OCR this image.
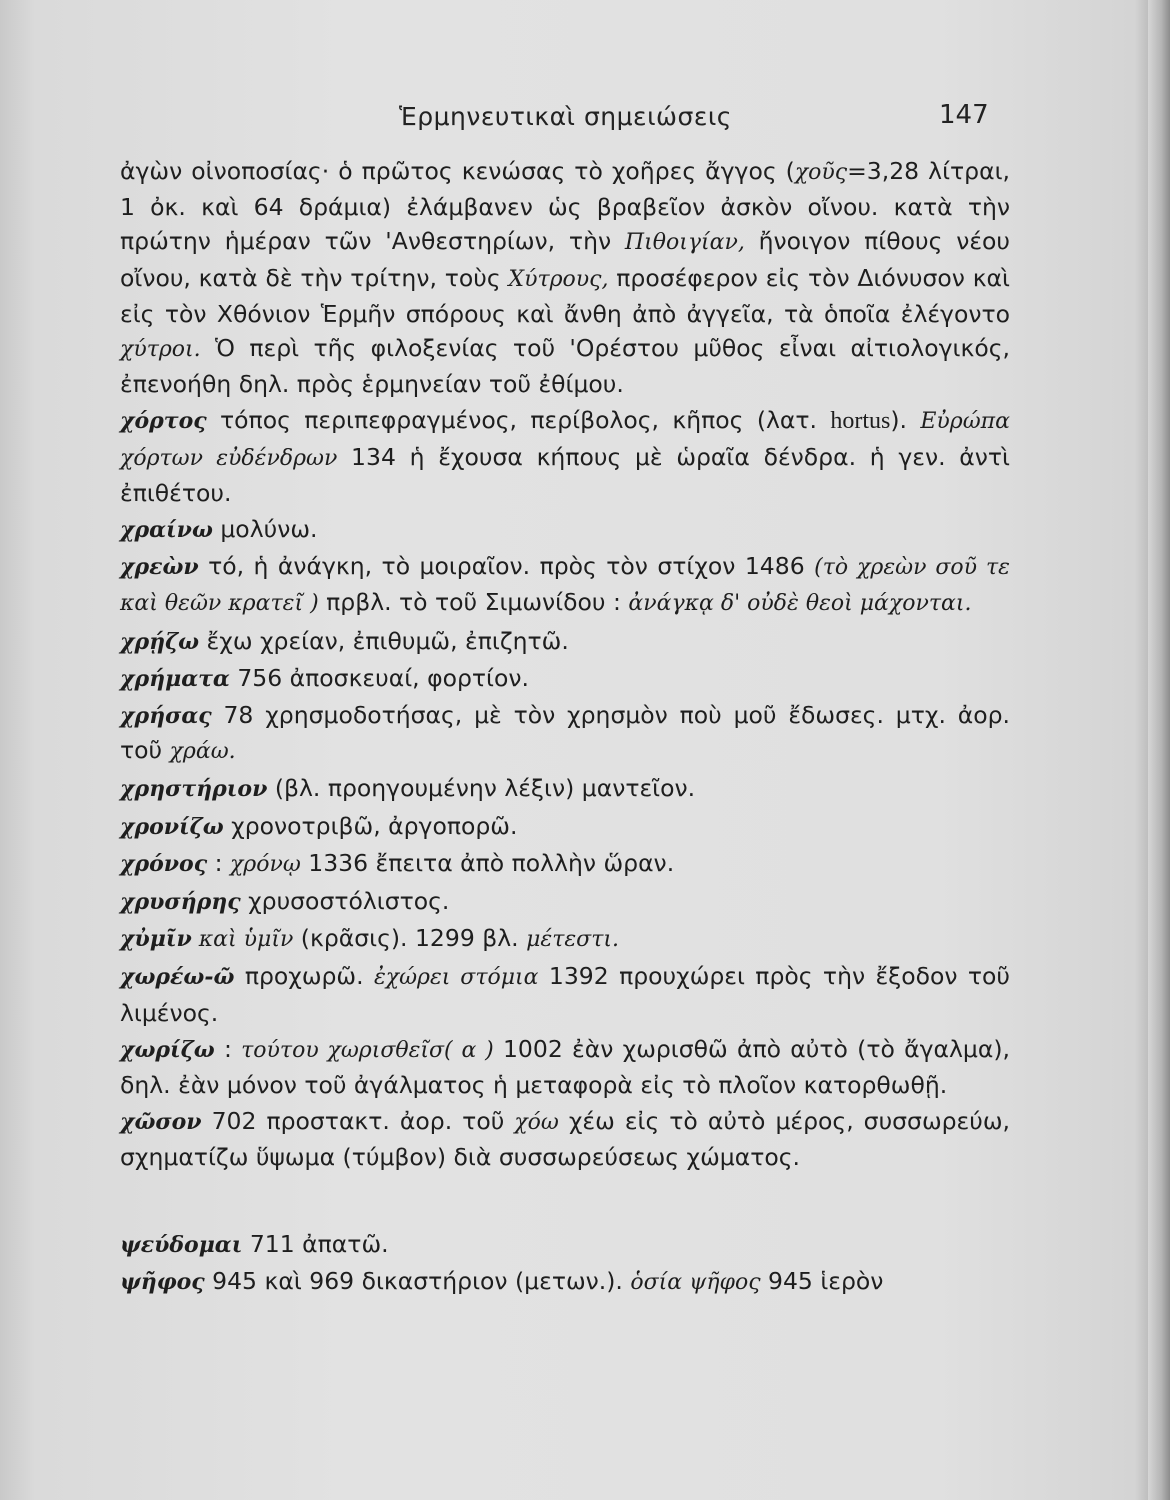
Ἑρμηνευτικαὶ σημειώσεις	147

ἀγὼν οἰνοποσίας· ὁ πρῶτος κενώσας τὸ χοῆρες ἄγγος (χοῦς=3,28 λίτραι, 1 ὀκ. καὶ 64 δράμια) ἐλάμβανεν ὡς βραβεῖον ἀσκὸν οἴνου. κατὰ τὴν πρώτην ἡμέραν τῶν 'Ανθεστηρίων, τὴν Πιθοιγίαν, ἤνοιγον πίθους νέου οἴνου, κατὰ δὲ τὴν τρίτην, τοὺς Χύτρους, προσέφερον εἰς τὸν Διόνυσον καὶ εἰς τὸν Χθόνιον Ἑρμῆν σπόρους καὶ ἄνθη ἀπὸ ἀγγεῖα, τὰ ὁποῖα ἐλέγοντο χύτροι. Ὁ περὶ τῆς φιλοξενίας τοῦ 'Ορέστου μῦθος εἶναι αἰτιολογικός, ἐπενοήθη δηλ. πρὸς ἑρμηνείαν τοῦ ἐθίμου.

χόρτος τόπος περιπεφραγμένος, περίβολος, κῆπος (λατ. hortus). Εὐρώπα χόρτων εὐδένδρων 134 ἡ ἔχουσα κήπους μὲ ὡραῖα δένδρα. ἡ γεν. ἀντὶ ἐπιθέτου.

χραίνω μολύνω.

χρεὼν τό, ἡ ἀνάγκη, τὸ μοιραῖον. πρὸς τὸν στίχον 1486 (τὸ χρεὼν σοῦ τε καὶ θεῶν κρατεῖ ) πρβλ. τὸ τοῦ Σιμωνίδου : ἀνάγκᾳ δ' οὐδὲ θεοὶ μάχονται.

χρῄζω ἔχω χρείαν, ἐπιθυμῶ, ἐπιζητῶ.

χρήματα 756 ἀποσκευαί, φορτίον.

χρήσας 78 χρησμοδοτήσας, μὲ τὸν χρησμὸν ποὺ μοῦ ἔδωσες. μτχ. ἀορ. τοῦ χράω.

χρηστήριον (βλ. προηγουμένην λέξιν) μαντεῖον.

χρονίζω χρονοτριβῶ, ἀργοπορῶ.

χρόνος : χρόνῳ 1336 ἔπειτα ἀπὸ πολλὴν ὥραν.

χρυσήρης χρυσοστόλιστος.

χὐμῖν καὶ ὑμῖν (κρᾶσις). 1299 βλ. μέτεστι.

χωρέω-ῶ προχωρῶ. ἐχώρει στόμια 1392 προυχώρει πρὸς τὴν ἔξοδον τοῦ λιμένος.

χωρίζω : τούτου χωρισθεῖσ( α ) 1002 ἐὰν χωρισθῶ ἀπὸ αὐτὸ (τὸ ἄγαλμα), δηλ. ἐὰν μόνον τοῦ ἀγάλματος ἡ μεταφορὰ εἰς τὸ πλοῖον κατορθωθῇ.

χῶσον 702 προστακτ. ἀορ. τοῦ χόω χέω εἰς τὸ αὐτὸ μέρος, συσσωρεύω, σχηματίζω ὕψωμα (τύμβον) διὰ συσσωρεύσεως χώματος.

ψεύδομαι 711 ἀπατῶ.

ψῆφος 945 καὶ 969 δικαστήριον (μετων.). ὁσία ψῆφος 945 ἱερὸν
